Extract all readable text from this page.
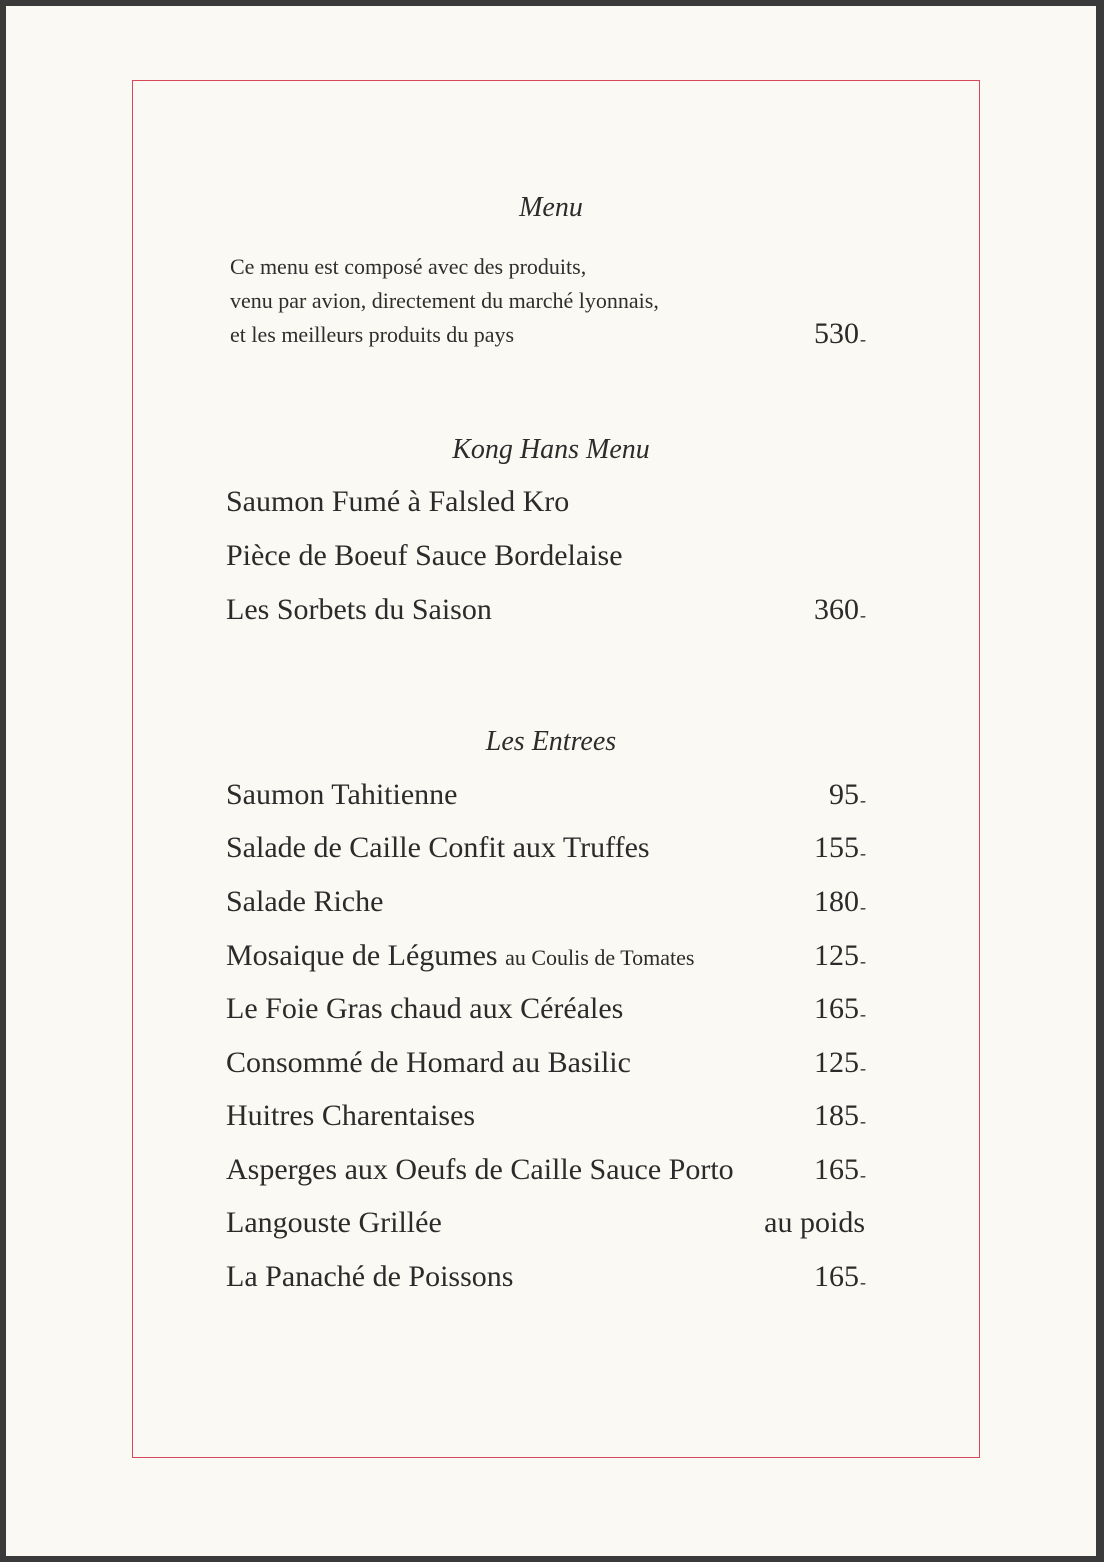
Menu
Ce menu est composé avec des produits,
venu par avion, directement du marché lyonnais,
et les meilleurs produits du pays	530-
Kong Hans Menu
Saumon Fumé à Falsled Kro
Pièce de Boeuf Sauce Bordelaise
Les Sorbets du Saison	360-
Les Entrees
Saumon Tahitienne	95-
Salade de Caille Confit aux Truffes	155-
Salade Riche	180-
Mosaique de Légumes au Coulis de Tomates	125-
Le Foie Gras chaud aux Céréales	165-
Consommé de Homard au Basilic	125-
Huitres Charentaises	185-
Asperges aux Oeufs de Caille Sauce Porto	165-
Langouste Grillée	au poids
La Panaché de Poissons	165-
